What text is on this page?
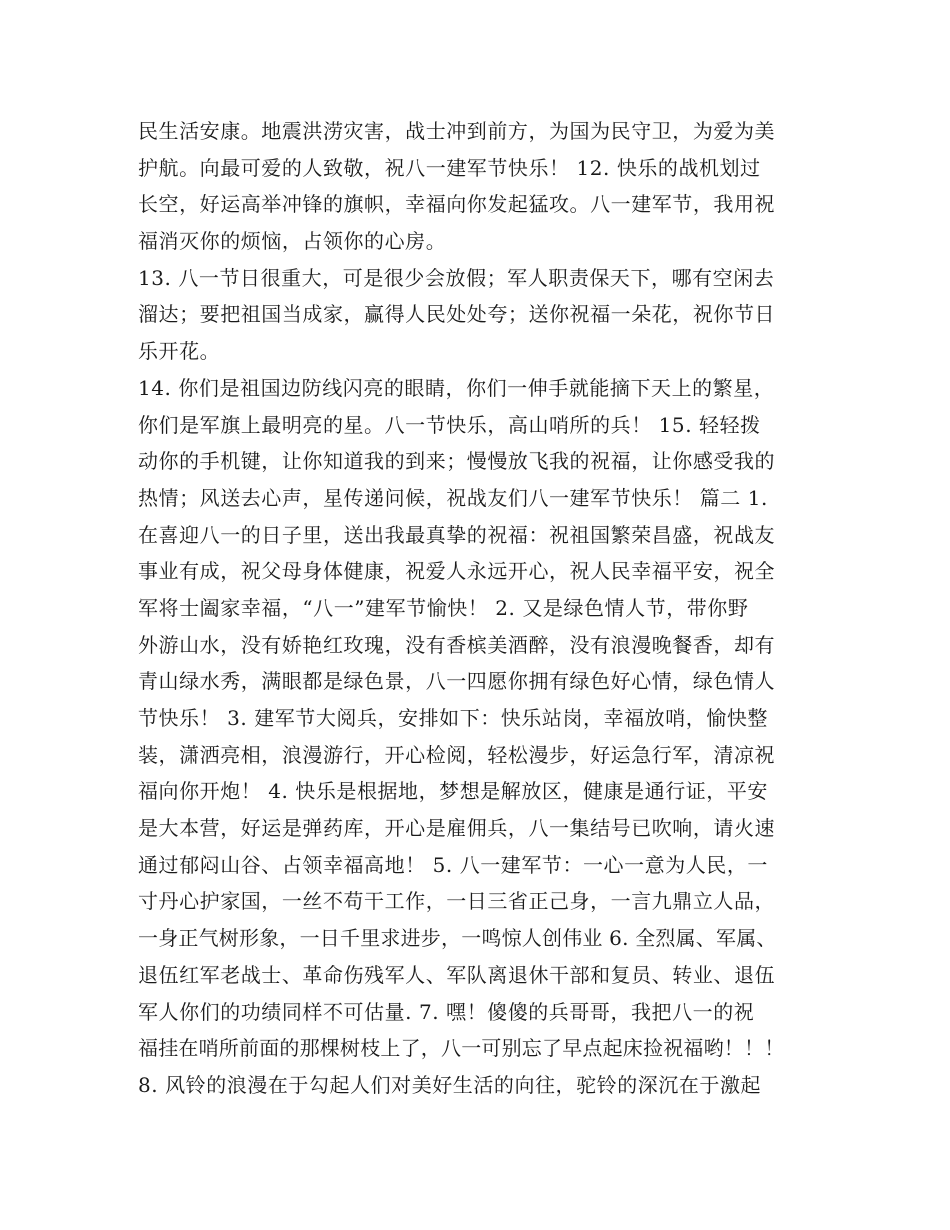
民生活安康。地震洪涝灾害，战士冲到前方，为国为民守卫，为爱为美
护航。向最可爱的人致敬，祝八一建军节快乐！ 12. 快乐的战机划过
长空，好运高举冲锋的旗帜，幸福向你发起猛攻。八一建军节，我用祝
福消灭你的烦恼，占领你的心房。
13. 八一节日很重大，可是很少会放假；军人职责保天下，哪有空闲去
溜达；要把祖国当成家，赢得人民处处夸；送你祝福一朵花，祝你节日
乐开花。
14. 你们是祖国边防线闪亮的眼睛，你们一伸手就能摘下天上的繁星，
你们是军旗上最明亮的星。八一节快乐，高山哨所的兵！ 15. 轻轻拨
动你的手机键，让你知道我的到来；慢慢放飞我的祝福，让你感受我的
热情；风送去心声，星传递问候，祝战友们八一建军节快乐！ 篇二 1.
在喜迎八一的日子里，送出我最真挚的祝福：祝祖国繁荣昌盛，祝战友
事业有成，祝父母身体健康，祝爱人永远开心，祝人民幸福平安，祝全
军将士阖家幸福，“八一”建军节愉快！ 2. 又是绿色情人节，带你野
外游山水，没有娇艳红玫瑰，没有香槟美酒醉，没有浪漫晚餐香，却有
青山绿水秀，满眼都是绿色景，八一四愿你拥有绿色好心情，绿色情人
节快乐！ 3. 建军节大阅兵，安排如下：快乐站岗，幸福放哨，愉快整
装，潇洒亮相，浪漫游行，开心检阅，轻松漫步，好运急行军，清凉祝
福向你开炮！ 4. 快乐是根据地，梦想是解放区，健康是通行证，平安
是大本营，好运是弹药库，开心是雇佣兵，八一集结号已吹响，请火速
通过郁闷山谷、占领幸福高地！ 5. 八一建军节：一心一意为人民，一
寸丹心护家国，一丝不苟干工作，一日三省正己身，一言九鼎立人品，
一身正气树形象，一日千里求进步，一鸣惊人创伟业 6. 全烈属、军属、
退伍红军老战士、革命伤残军人、军队离退休干部和复员、转业、退伍
军人你们的功绩同样不可估量. 7. 嘿！傻傻的兵哥哥，我把八一的祝
福挂在哨所前面的那棵树枝上了，八一可别忘了早点起床捡祝福哟！！！
8. 风铃的浪漫在于勾起人们对美好生活的向往，驼铃的深沉在于激起
